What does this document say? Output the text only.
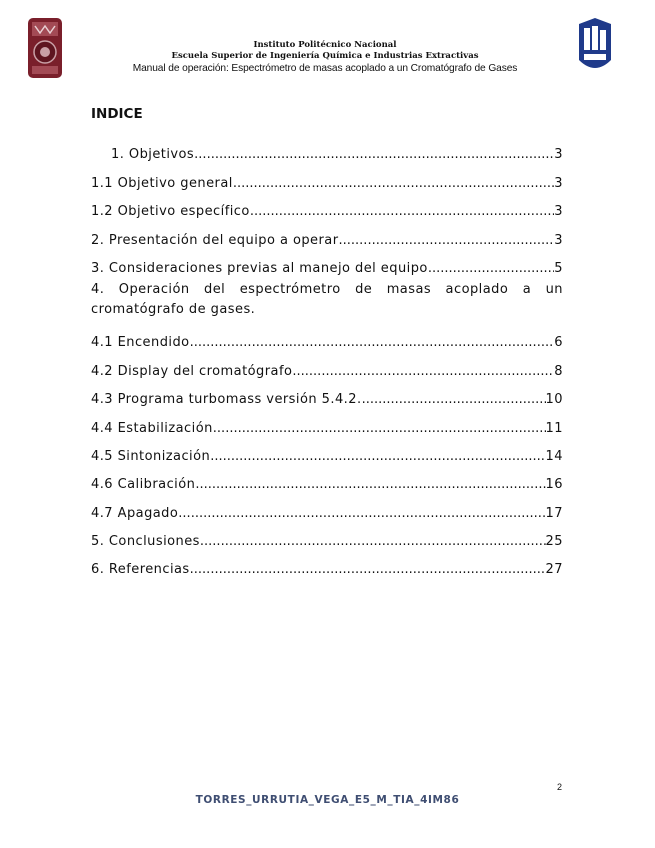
Instituto Politécnico Nacional
Escuela Superior de Ingeniería Química e Industrias Extractivas
Manual de operación: Espectrómetro de masas acoplado a un Cromatógrafo de Gases
INDICE
1. Objetivos .....	3
1.1 Objetivo general .....	3
1.2 Objetivo específico .....	3
2. Presentación del equipo a operar .....	3
3. Consideraciones previas al manejo del equipo .....	5
4. Operación del espectrómetro de masas acoplado a un cromatógrafo de gases.
4.1 Encendido .....	6
4.2 Display del cromatógrafo .....	8
4.3 Programa turbomass versión 5.4.2. .....	10
4.4 Estabilización .....	11
4.5 Sintonización .....	14
4.6 Calibración .....	16
4.7 Apagado .....	17
5. Conclusiones .....	25
6. Referencias .....	27
2
TORRES_URRUTIA_VEGA_E5_M_TIA_4IM86
